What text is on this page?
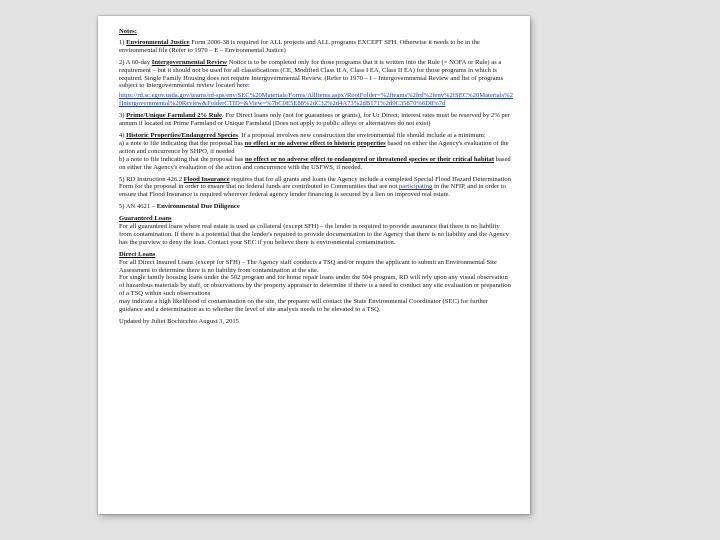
Notes:
1) Environmental Justice Form 2006-38 is required for ALL projects and ALL programs EXCEPT SFH. Otherwise it needs to be in the environmental file (Refer to 1970 – E – Environmental Justice)
2) A 60-day Intergovernmental Review Notice is to be completed only for those programs that it is written into the Rule (= NOFA or Rule) as a requirement – but it should not be used for all classifications (CE, Modified Class II A, Class I EA, Class II EA) for those programs in which is required. Single Family Housing does not require Intergovernmental Review. (Refer to 1970 – I – Intergovernmental Review and list of programs subject to Intergovernmental review located here:
https://rd.sc.egov.usda.gov/teams/rd-sps/env/SEC%20Materials/Forms/AllItems.aspx?RootFolder=%2fteams%2frd%2fenv%2fSEC%20Materials%2fIntergovernmental%20Review&FolderCTID=&View=%7bC0E5E88%2dC32%2d4A73%2dB171%2d9C35870%6D8%7d
3) Prime/Unique Farmland 2% Rule. For Direct loans only (not for guarantees or grants), for Ur Direct; interest rates must be reserved by 2% per annum if located on Prime Farmland or Unique Farmland (Does not apply to public alleys or alternatives do not exist)

4) Historic Properties/Endangered Species. If a proposal involves new construction the environmental file should include at a minimum:

a) a note to file indicating that the proposal has no effect or no adverse effect to historic properties based on either the Agency's evaluation of the action and concurrence by SHPO, if needed

b) a note to file indicating that the proposal has no effect or no adverse effect to endangered or threatened species or their critical habitat based on either the Agency's evaluation of the action and concurrence with the USFWS, if needed.

5) RD Instruction 426.2 Flood Insurance requires that for all grants and loans the Agency include a completed Special Flood Hazard Determination Form for the proposal in order to ensure that no federal funds are contributed to Communities that are not participating in the NFIP, and in order to ensure that Flood Insurance is required wherever federal agency lender financing is secured by a lien on improved real estate.
5) AN 4621 – Environmental Due Diligence

Guaranteed Loans

For all guaranteed loans where real estate is used as collateral (except SFH) – the lender is required to provide assurance that there is no liability from contamination. If there is a potential that the lender's required to provide documentation to the Agency that there is no liability and the Agency has the purview to deny the loan. Contact your SEC if you believe there is environmental contamination.

Direct Loans

For all Direct Insured Loans (except for SFH) – The Agency staff conducts a TSQ and/or require the applicant to submit an Environmental Site Assessment to determine there is no liability from contamination at the site.

For single family housing loans under the 502 program and for home repair loans under the 504 program, RD will rely upon any visual observation of hazardous materials by staff, or observations by the property appraiser to determine if there is a need to conduct any site evaluation or preparation of a TSQ within such observations

may indicate a high likelihood of contamination on the site, the preparer will contact the State Environmental Coordinator (SEC) for further guidance and a determination as to whether the level of site analysis needs to be elevated to a TSQ.

Updated by Juliet Bochicchio August 3, 2015
